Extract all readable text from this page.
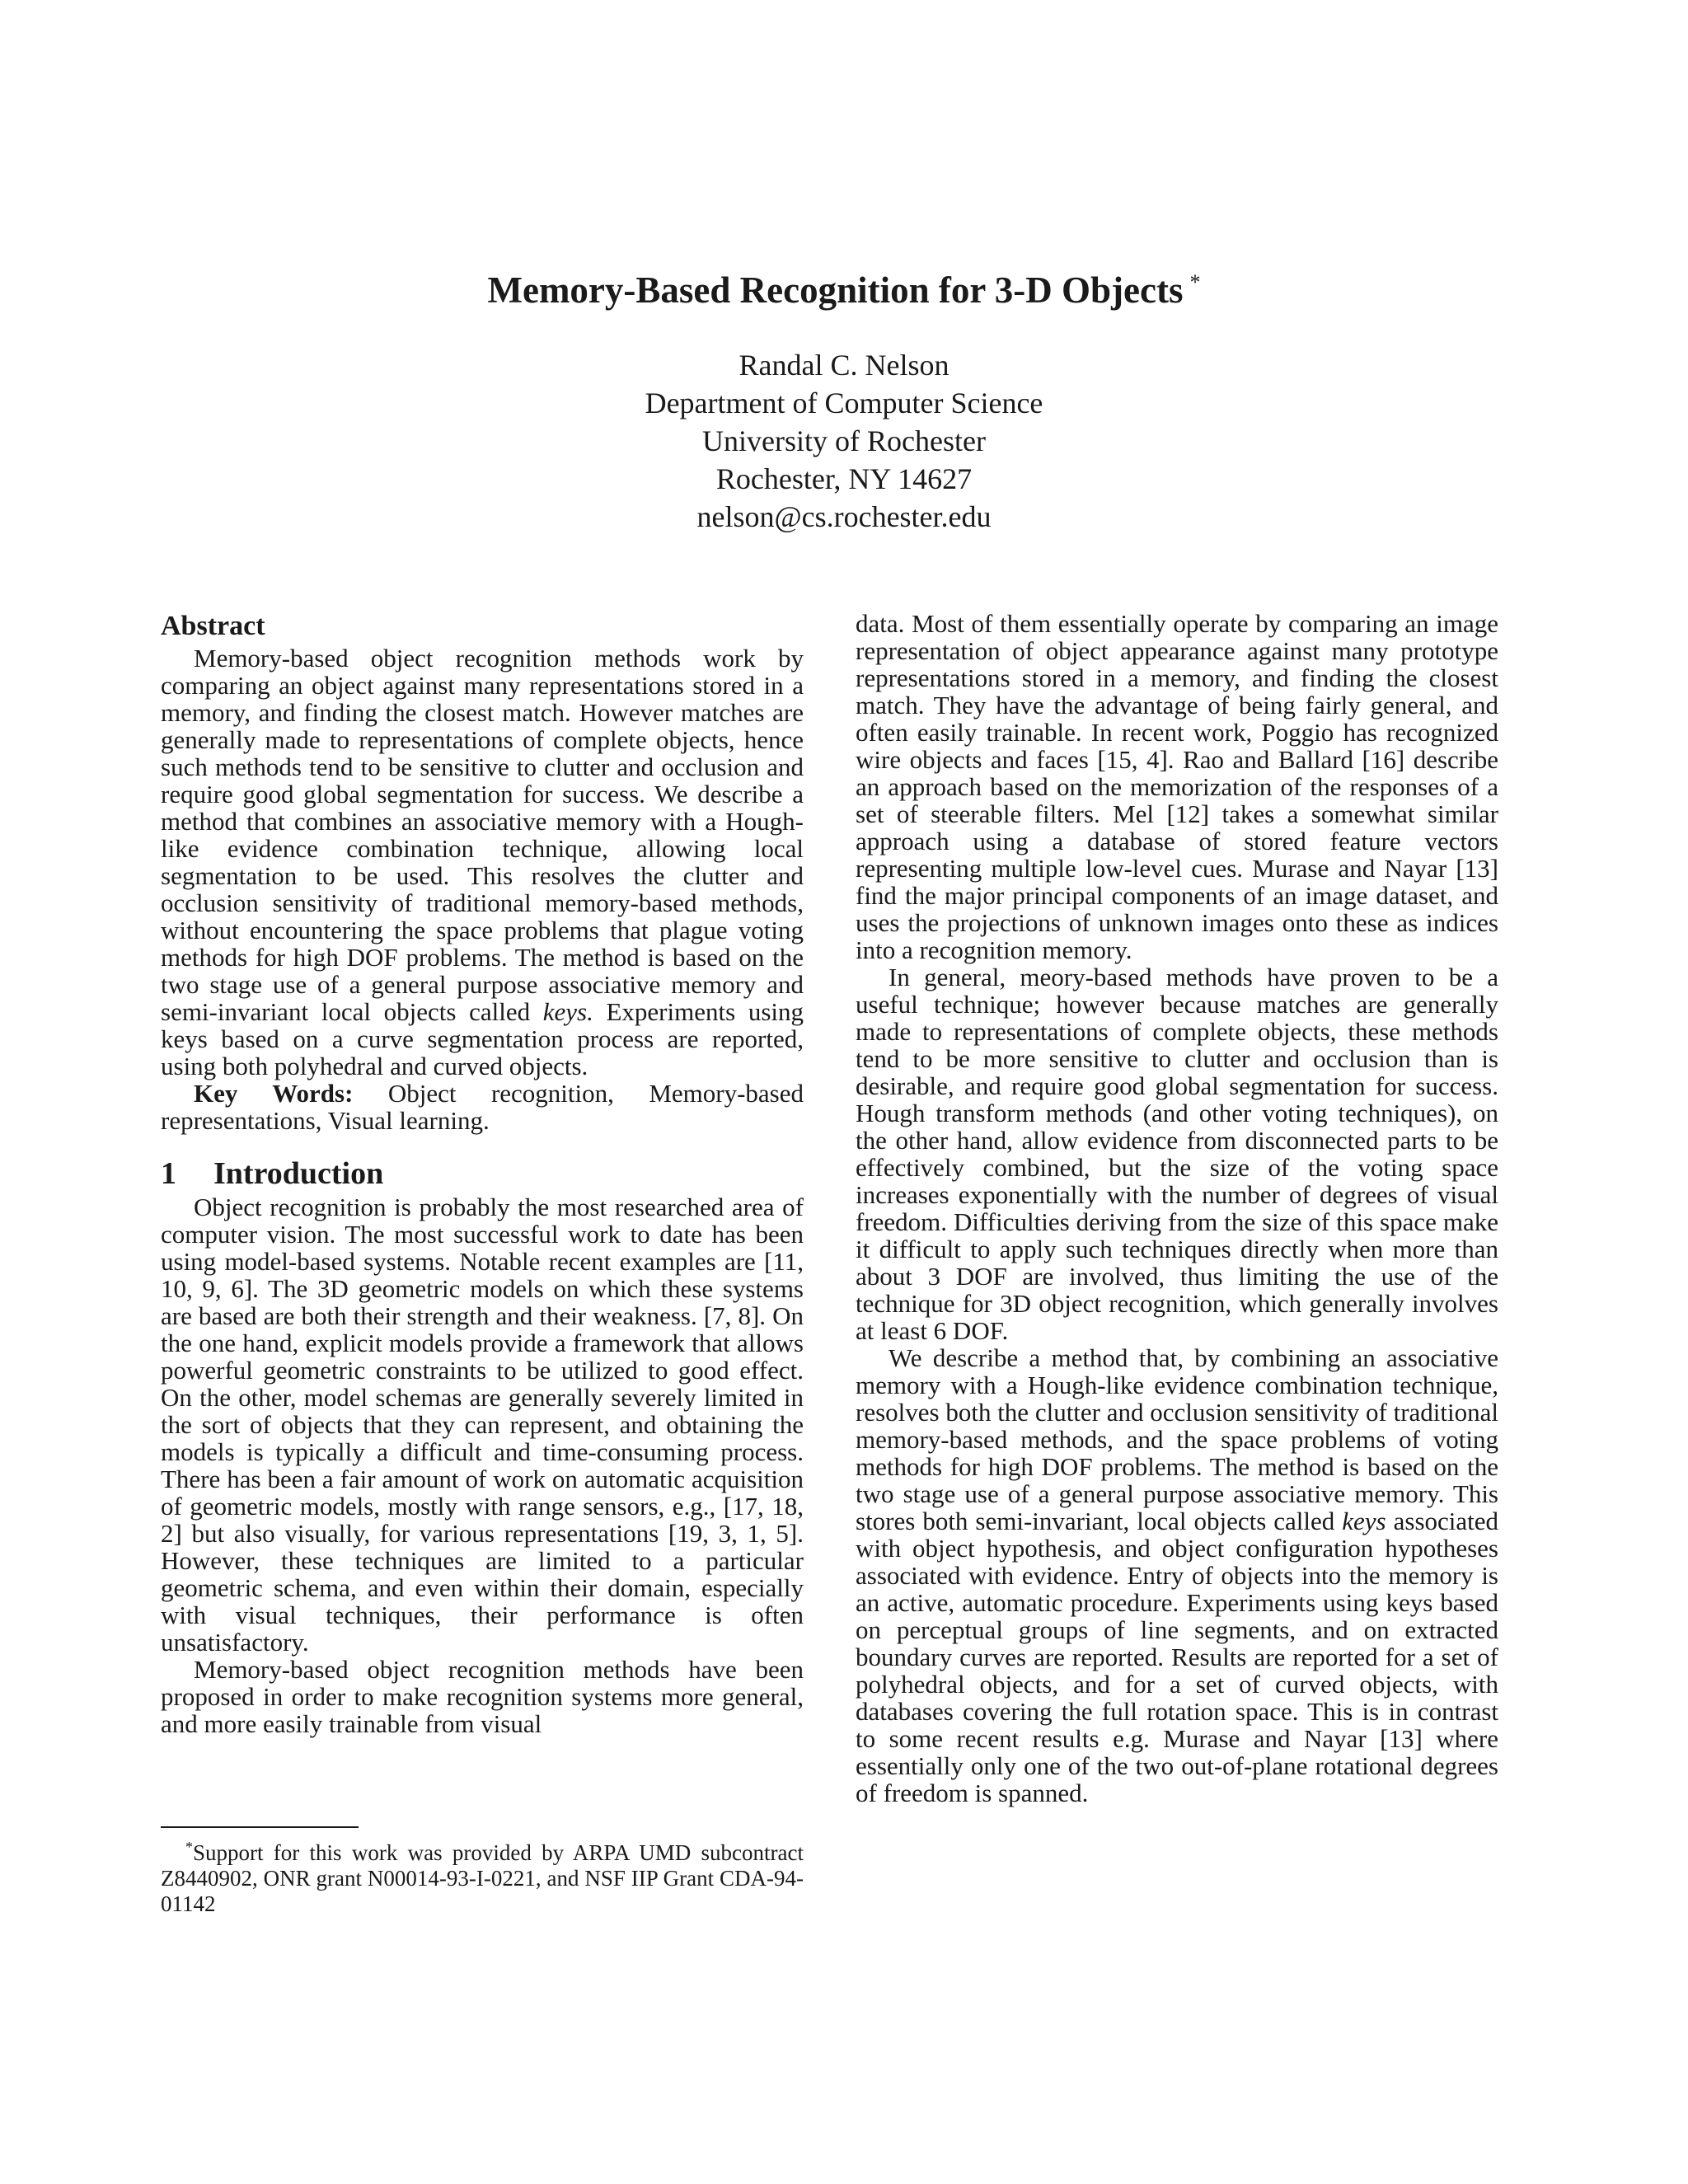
Memory-Based Recognition for 3-D Objects *
Randal C. Nelson
Department of Computer Science
University of Rochester
Rochester, NY 14627
nelson@cs.rochester.edu
Abstract

Memory-based object recognition methods work by comparing an object against many representations stored in a memory, and finding the closest match. However matches are generally made to representations of complete objects, hence such methods tend to be sensitive to clutter and occlusion and require good global segmentation for success. We describe a method that combines an associative memory with a Hough-like evidence combination technique, allowing local segmentation to be used. This resolves the clutter and occlusion sensitivity of traditional memory-based methods, without encountering the space problems that plague voting methods for high DOF problems. The method is based on the two stage use of a general purpose associative memory and semi-invariant local objects called keys. Experiments using keys based on a curve segmentation process are reported, using both polyhedral and curved objects.

Key Words: Object recognition, Memory-based representations, Visual learning.

1 Introduction

Object recognition is probably the most researched area of computer vision. The most successful work to date has been using model-based systems. Notable recent examples are [11, 10, 9, 6]. The 3D geometric models on which these systems are based are both their strength and their weakness. [7, 8]. On the one hand, explicit models provide a framework that allows powerful geometric constraints to be utilized to good effect. On the other, model schemas are generally severely limited in the sort of objects that they can represent, and obtaining the models is typically a difficult and time-consuming process. There has been a fair amount of work on automatic acquisition of geometric models, mostly with range sensors, e.g., [17, 18, 2] but also visually, for various representations [19, 3, 1, 5]. However, these techniques are limited to a particular geometric schema, and even within their domain, especially with visual techniques, their performance is often unsatisfactory.

Memory-based object recognition methods have been proposed in order to make recognition systems more general, and more easily trainable from visual

*Support for this work was provided by ARPA UMD subcontract Z8440902, ONR grant N00014-93-I-0221, and NSF IIP Grant CDA-94-01142

data. Most of them essentially operate by comparing an image representation of object appearance against many prototype representations stored in a memory, and finding the closest match. They have the advantage of being fairly general, and often easily trainable. In recent work, Poggio has recognized wire objects and faces [15, 4]. Rao and Ballard [16] describe an approach based on the memorization of the responses of a set of steerable filters. Mel [12] takes a somewhat similar approach using a database of stored feature vectors representing multiple low-level cues. Murase and Nayar [13] find the major principal components of an image dataset, and uses the projections of unknown images onto these as indices into a recognition memory.

In general, meory-based methods have proven to be a useful technique; however because matches are generally made to representations of complete objects, these methods tend to be more sensitive to clutter and occlusion than is desirable, and require good global segmentation for success. Hough transform methods (and other voting techniques), on the other hand, allow evidence from disconnected parts to be effectively combined, but the size of the voting space increases exponentially with the number of degrees of visual freedom. Difficulties deriving from the size of this space make it difficult to apply such techniques directly when more than about 3 DOF are involved, thus limiting the use of the technique for 3D object recognition, which generally involves at least 6 DOF.

We describe a method that, by combining an associative memory with a Hough-like evidence combination technique, resolves both the clutter and occlusion sensitivity of traditional memory-based methods, and the space problems of voting methods for high DOF problems. The method is based on the two stage use of a general purpose associative memory. This stores both semi-invariant, local objects called keys associated with object hypothesis, and object configuration hypotheses associated with evidence. Entry of objects into the memory is an active, automatic procedure. Experiments using keys based on perceptual groups of line segments, and on extracted boundary curves are reported. Results are reported for a set of polyhedral objects, and for a set of curved objects, with databases covering the full rotation space. This is in contrast to some recent results e.g. Murase and Nayar [13] where essentially only one of the two out-of-plane rotational degrees of freedom is spanned.
